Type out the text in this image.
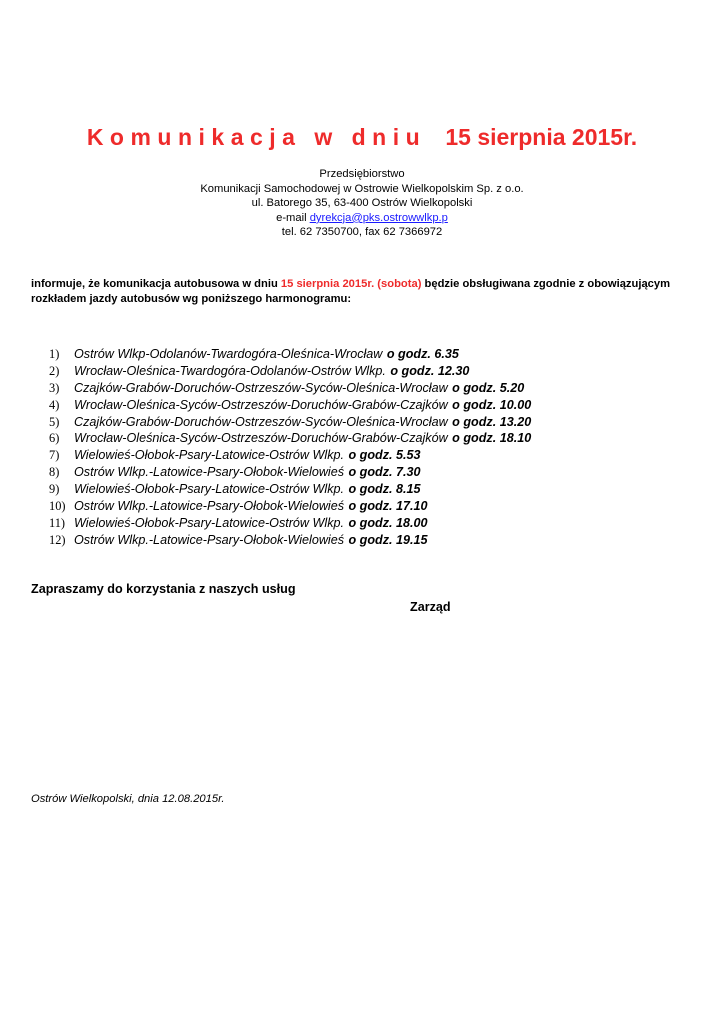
Komunikacja w dniu 15 sierpnia 2015r.
Przedsiębiorstwo
Komunikacji Samochodowej w Ostrowie Wielkopolskim Sp. z o.o.
ul. Batorego 35, 63-400 Ostrów Wielkopolski
e-mail dyrekcja@pks.ostrowwlkp.p
tel. 62 7350700, fax 62 7366972
informuje, że komunikacja autobusowa w dniu 15 sierpnia 2015r. (sobota) będzie obsługiwana zgodnie z obowiązującym rozkładem jazdy autobusów wg poniższego harmonogramu:
1) Ostrów Wlkp-Odolanów-Twardogóra-Oleśnica-Wrocław o godz. 6.35
2) Wrocław-Oleśnica-Twardogóra-Odolanów-Ostrów Wlkp. o godz. 12.30
3) Czajków-Grabów-Doruchów-Ostrzeszów-Syców-Oleśnica-Wrocław o godz. 5.20
4) Wrocław-Oleśnica-Syców-Ostrzeszów-Doruchów-Grabów-Czajków o godz. 10.00
5) Czajków-Grabów-Doruchów-Ostrzeszów-Syców-Oleśnica-Wrocław o godz. 13.20
6) Wrocław-Oleśnica-Syców-Ostrzeszów-Doruchów-Grabów-Czajków o godz. 18.10
7) Wielowieś-Ołobok-Psary-Latowice-Ostrów Wlkp. o godz. 5.53
8) Ostrów Wlkp.-Latowice-Psary-Ołobok-Wielowieś o godz. 7.30
9) Wielowieś-Ołobok-Psary-Latowice-Ostrów Wlkp. o godz. 8.15
10) Ostrów Wlkp.-Latowice-Psary-Ołobok-Wielowieś o godz. 17.10
11) Wielowieś-Ołobok-Psary-Latowice-Ostrów Wlkp. o godz. 18.00
12) Ostrów Wlkp.-Latowice-Psary-Ołobok-Wielowieś o godz. 19.15
Zapraszamy do korzystania z naszych usług
Zarząd
Ostrów Wielkopolski, dnia 12.08.2015r.
